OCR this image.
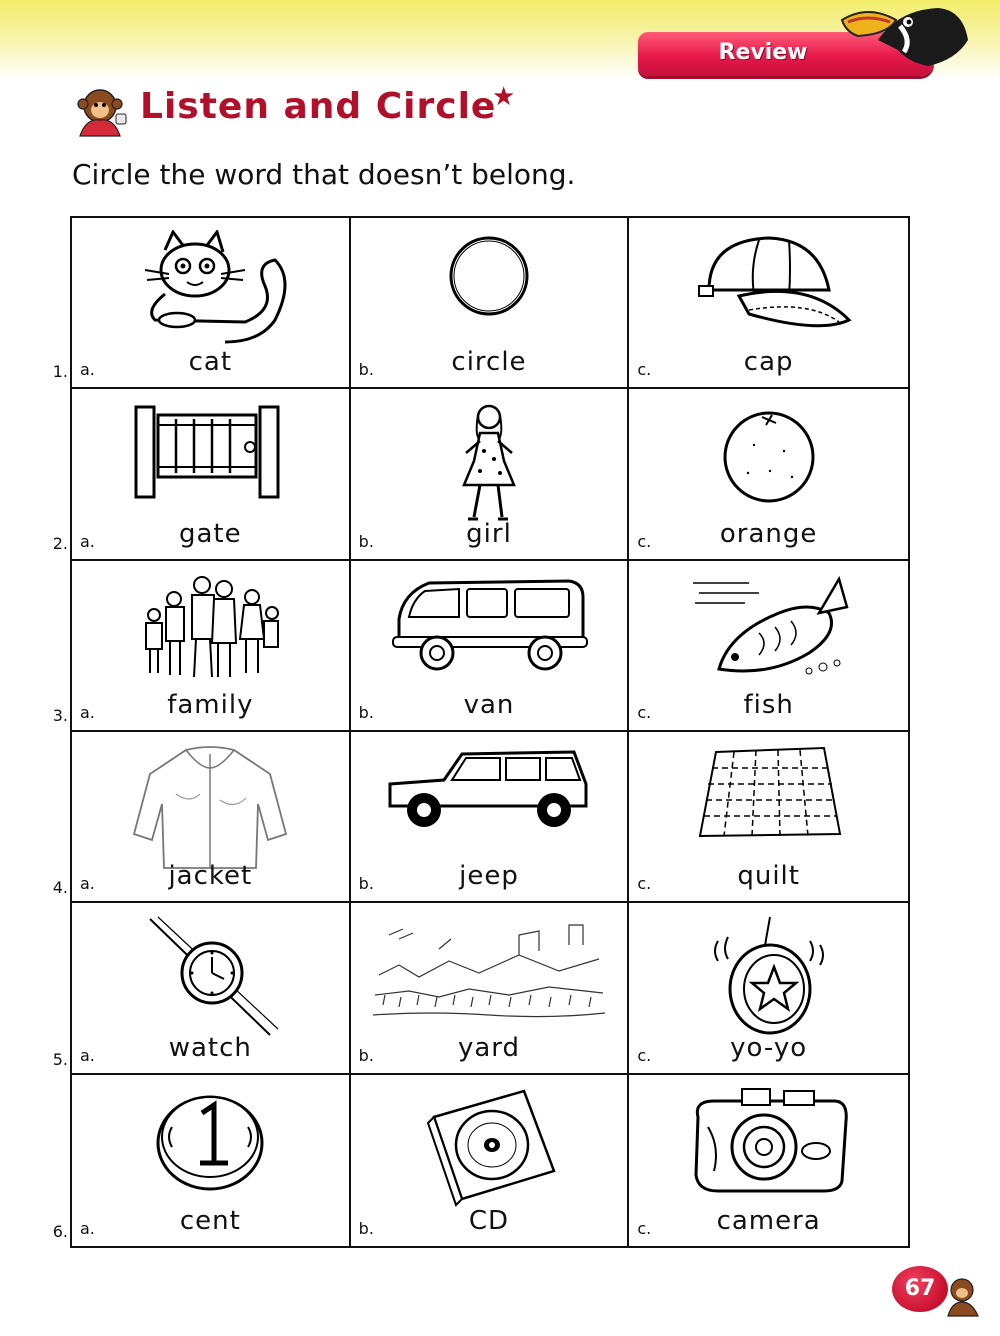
Review
Listen and Circle
★
Circle the word that doesn’t belong.
1.
2.
3.
4.
5.
6.
a.	cat	b.	circle	c.	cap
a.	gate	b.	girl	c.	orange
a.	family	b.	van	c.	fish
a.	jacket	b.	jeep	c.	quilt
a.	watch	b.	yard	c.	yo-yo
a.	cent	b.	CD	c.	camera
67
